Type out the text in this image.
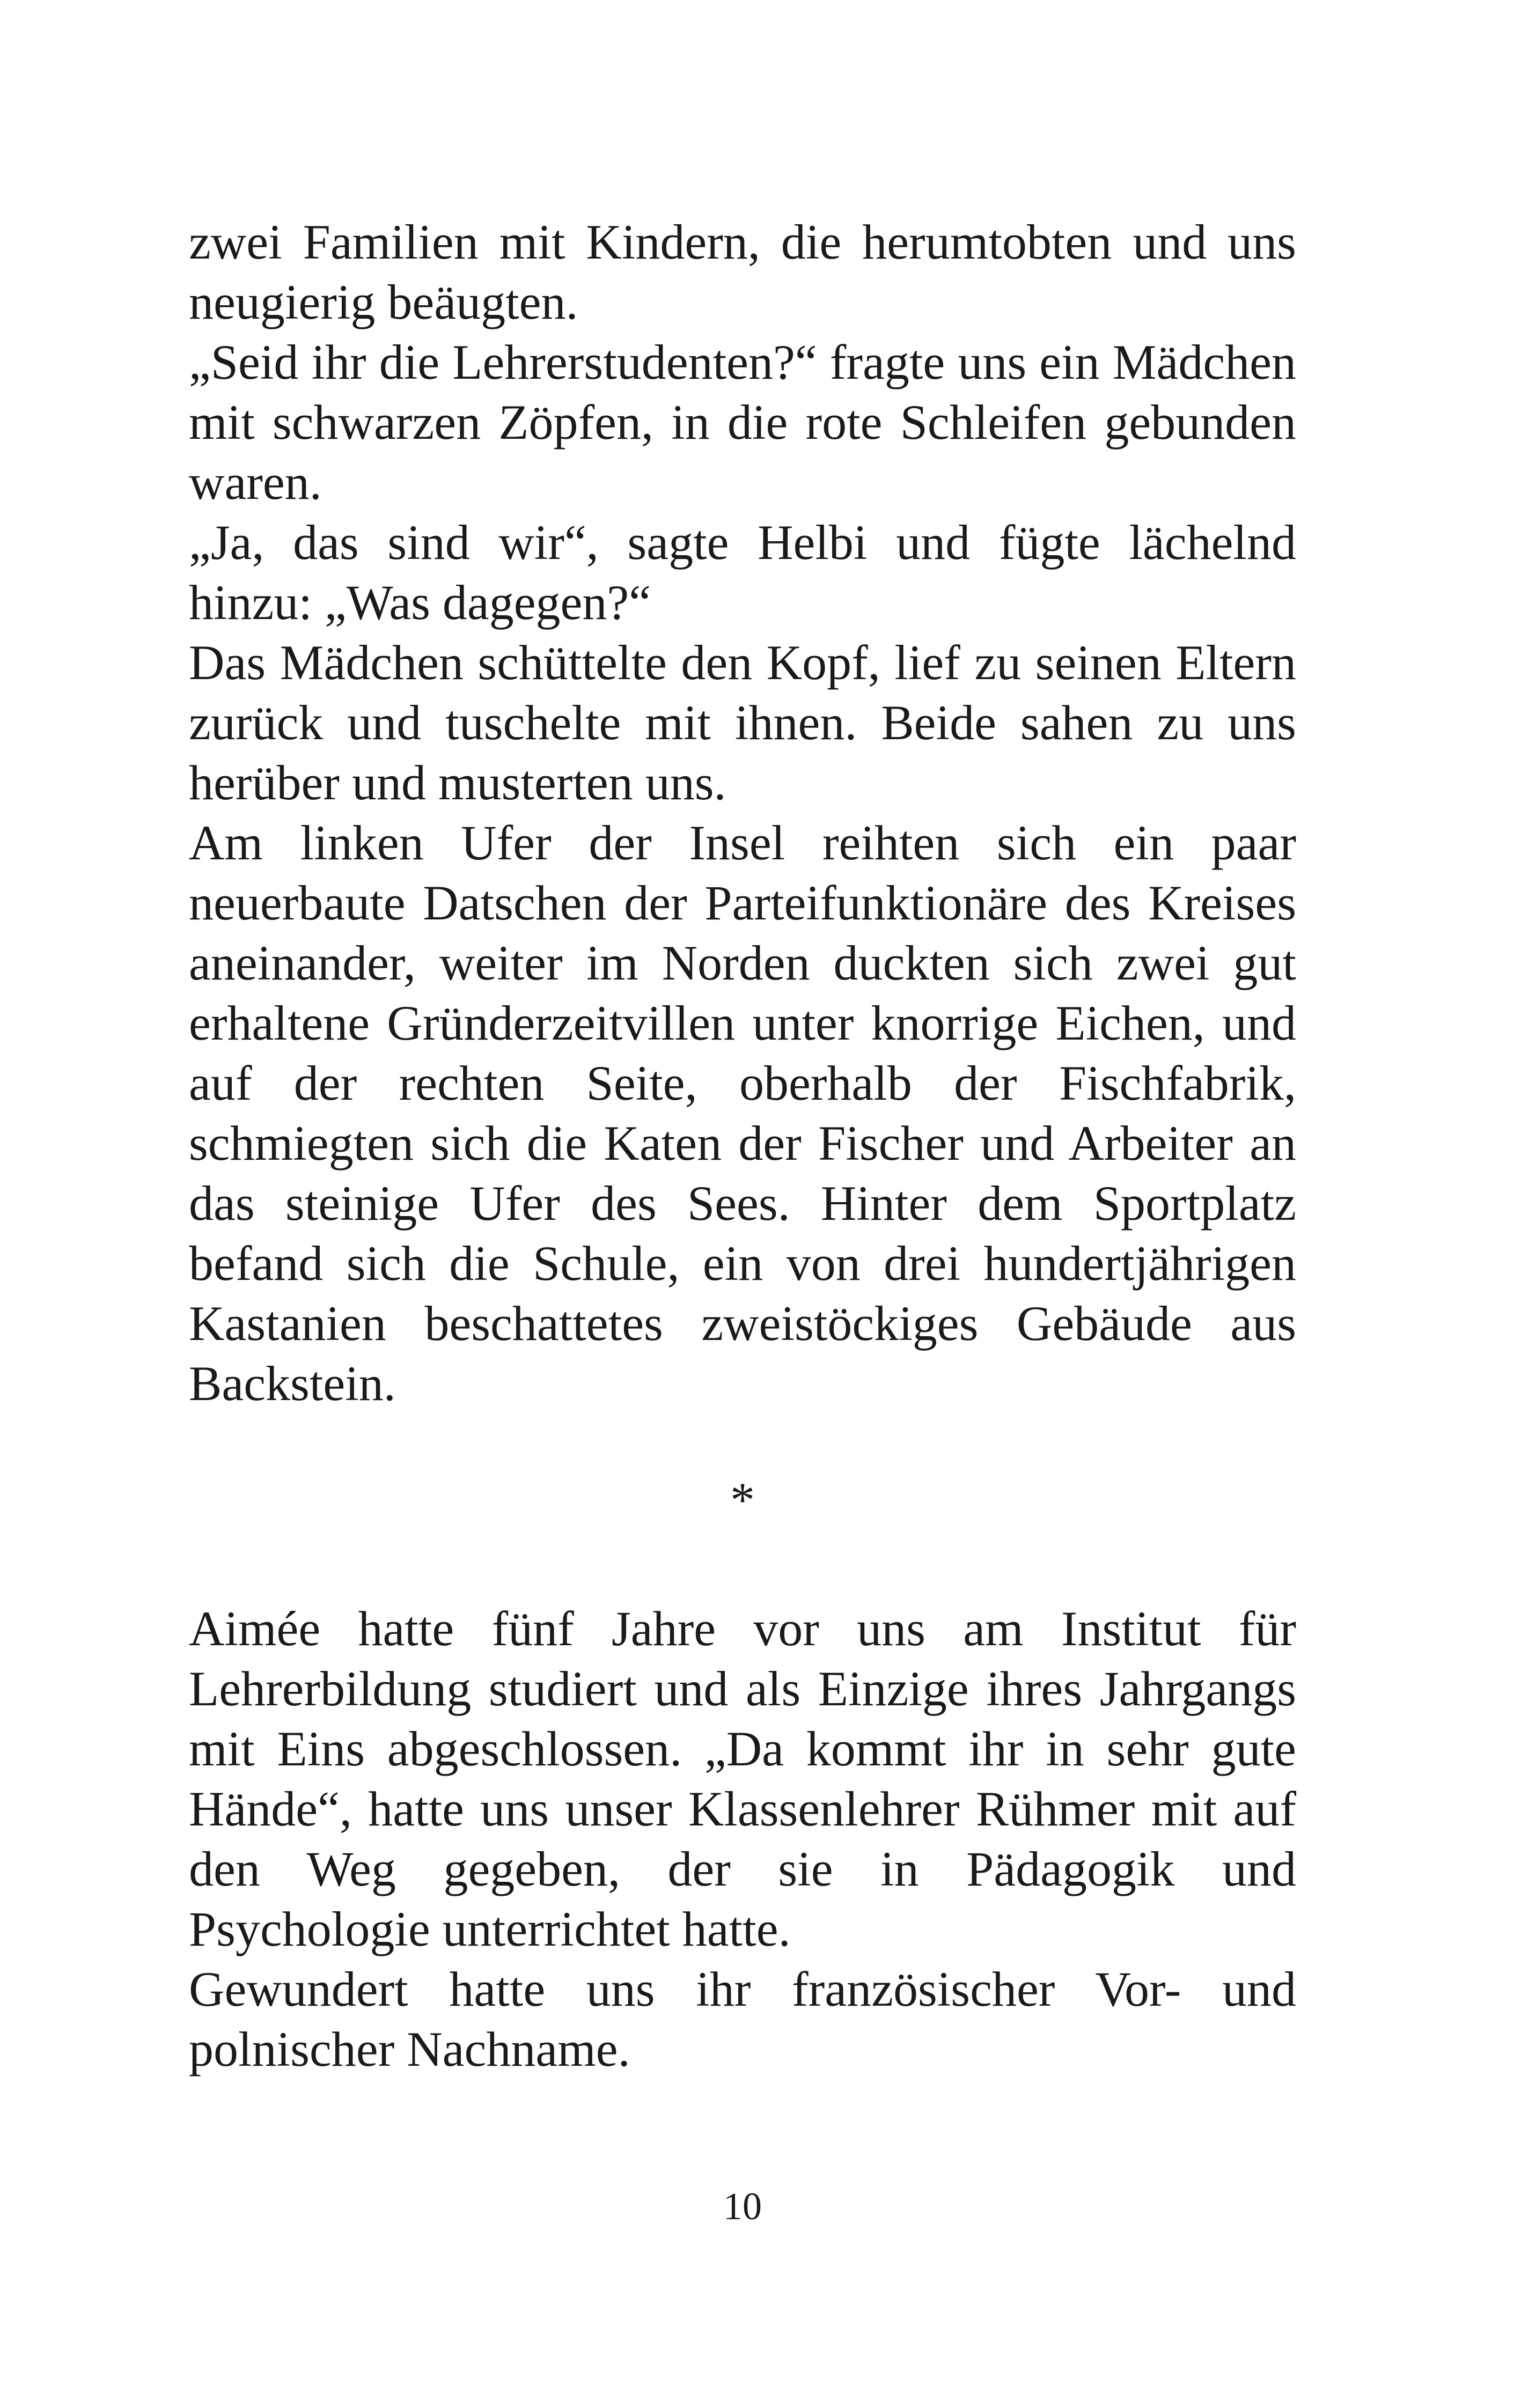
zwei Familien mit Kindern, die herumtobten und uns neugierig beäugten.

„Seid ihr die Lehrerstudenten?“ fragte uns ein Mädchen mit schwarzen Zöpfen, in die rote Schleifen gebunden waren.

„Ja, das sind wir“, sagte Helbi und fügte lächelnd hinzu: „Was dagegen?“

Das Mädchen schüttelte den Kopf, lief zu seinen Eltern zurück und tuschelte mit ihnen. Beide sahen zu uns herüber und musterten uns.

Am linken Ufer der Insel reihten sich ein paar neuerbaute Datschen der Parteifunktionäre des Kreises aneinander, weiter im Norden duckten sich zwei gut erhaltene Gründerzeitvillen unter knorrige Eichen, und auf der rechten Seite, oberhalb der Fischfabrik, schmiegten sich die Katen der Fischer und Arbeiter an das steinige Ufer des Sees. Hinter dem Sportplatz befand sich die Schule, ein von drei hundertjährigen Kastanien beschattetes zweistöckiges Gebäude aus Backstein.

*

Aimée hatte fünf Jahre vor uns am Institut für Lehrerbildung studiert und als Einzige ihres Jahrgangs mit Eins abgeschlossen. „Da kommt ihr in sehr gute Hände“, hatte uns unser Klassenlehrer Rühmer mit auf den Weg gegeben, der sie in Pädagogik und Psychologie unterrichtet hatte.

Gewundert hatte uns ihr französischer Vor- und polnischer Nachname.

10
